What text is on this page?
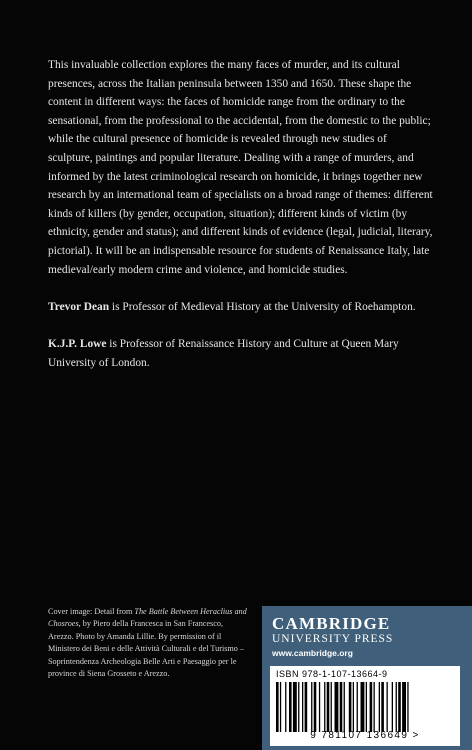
This invaluable collection explores the many faces of murder, and its cultural presences, across the Italian peninsula between 1350 and 1650. These shape the content in different ways: the faces of homicide range from the ordinary to the sensational, from the professional to the accidental, from the domestic to the public; while the cultural presence of homicide is revealed through new studies of sculpture, paintings and popular literature. Dealing with a range of murders, and informed by the latest criminological research on homicide, it brings together new research by an international team of specialists on a broad range of themes: different kinds of killers (by gender, occupation, situation); different kinds of victim (by ethnicity, gender and status); and different kinds of evidence (legal, judicial, literary, pictorial). It will be an indispensable resource for students of Renaissance Italy, late medieval/early modern crime and violence, and homicide studies.

Trevor Dean is Professor of Medieval History at the University of Roehampton.

K.J.P. Lowe is Professor of Renaissance History and Culture at Queen Mary University of London.

Cover image: Detail from The Battle Between Heraclius and Chosroes, by Piero della Francesca in San Francesco, Arezzo. Photo by Amanda Lillie. By permission of il Ministero dei Beni e delle Attività Culturali e del Turismo – Soprintendenza Archeologia Belle Arti e Paesaggio per le province di Siena Grosseto e Arezzo.
CAMBRIDGE
UNIVERSITY PRESS
www.cambridge.org
ISBN 978-1-107-13664-9
9 781107 136649 >
